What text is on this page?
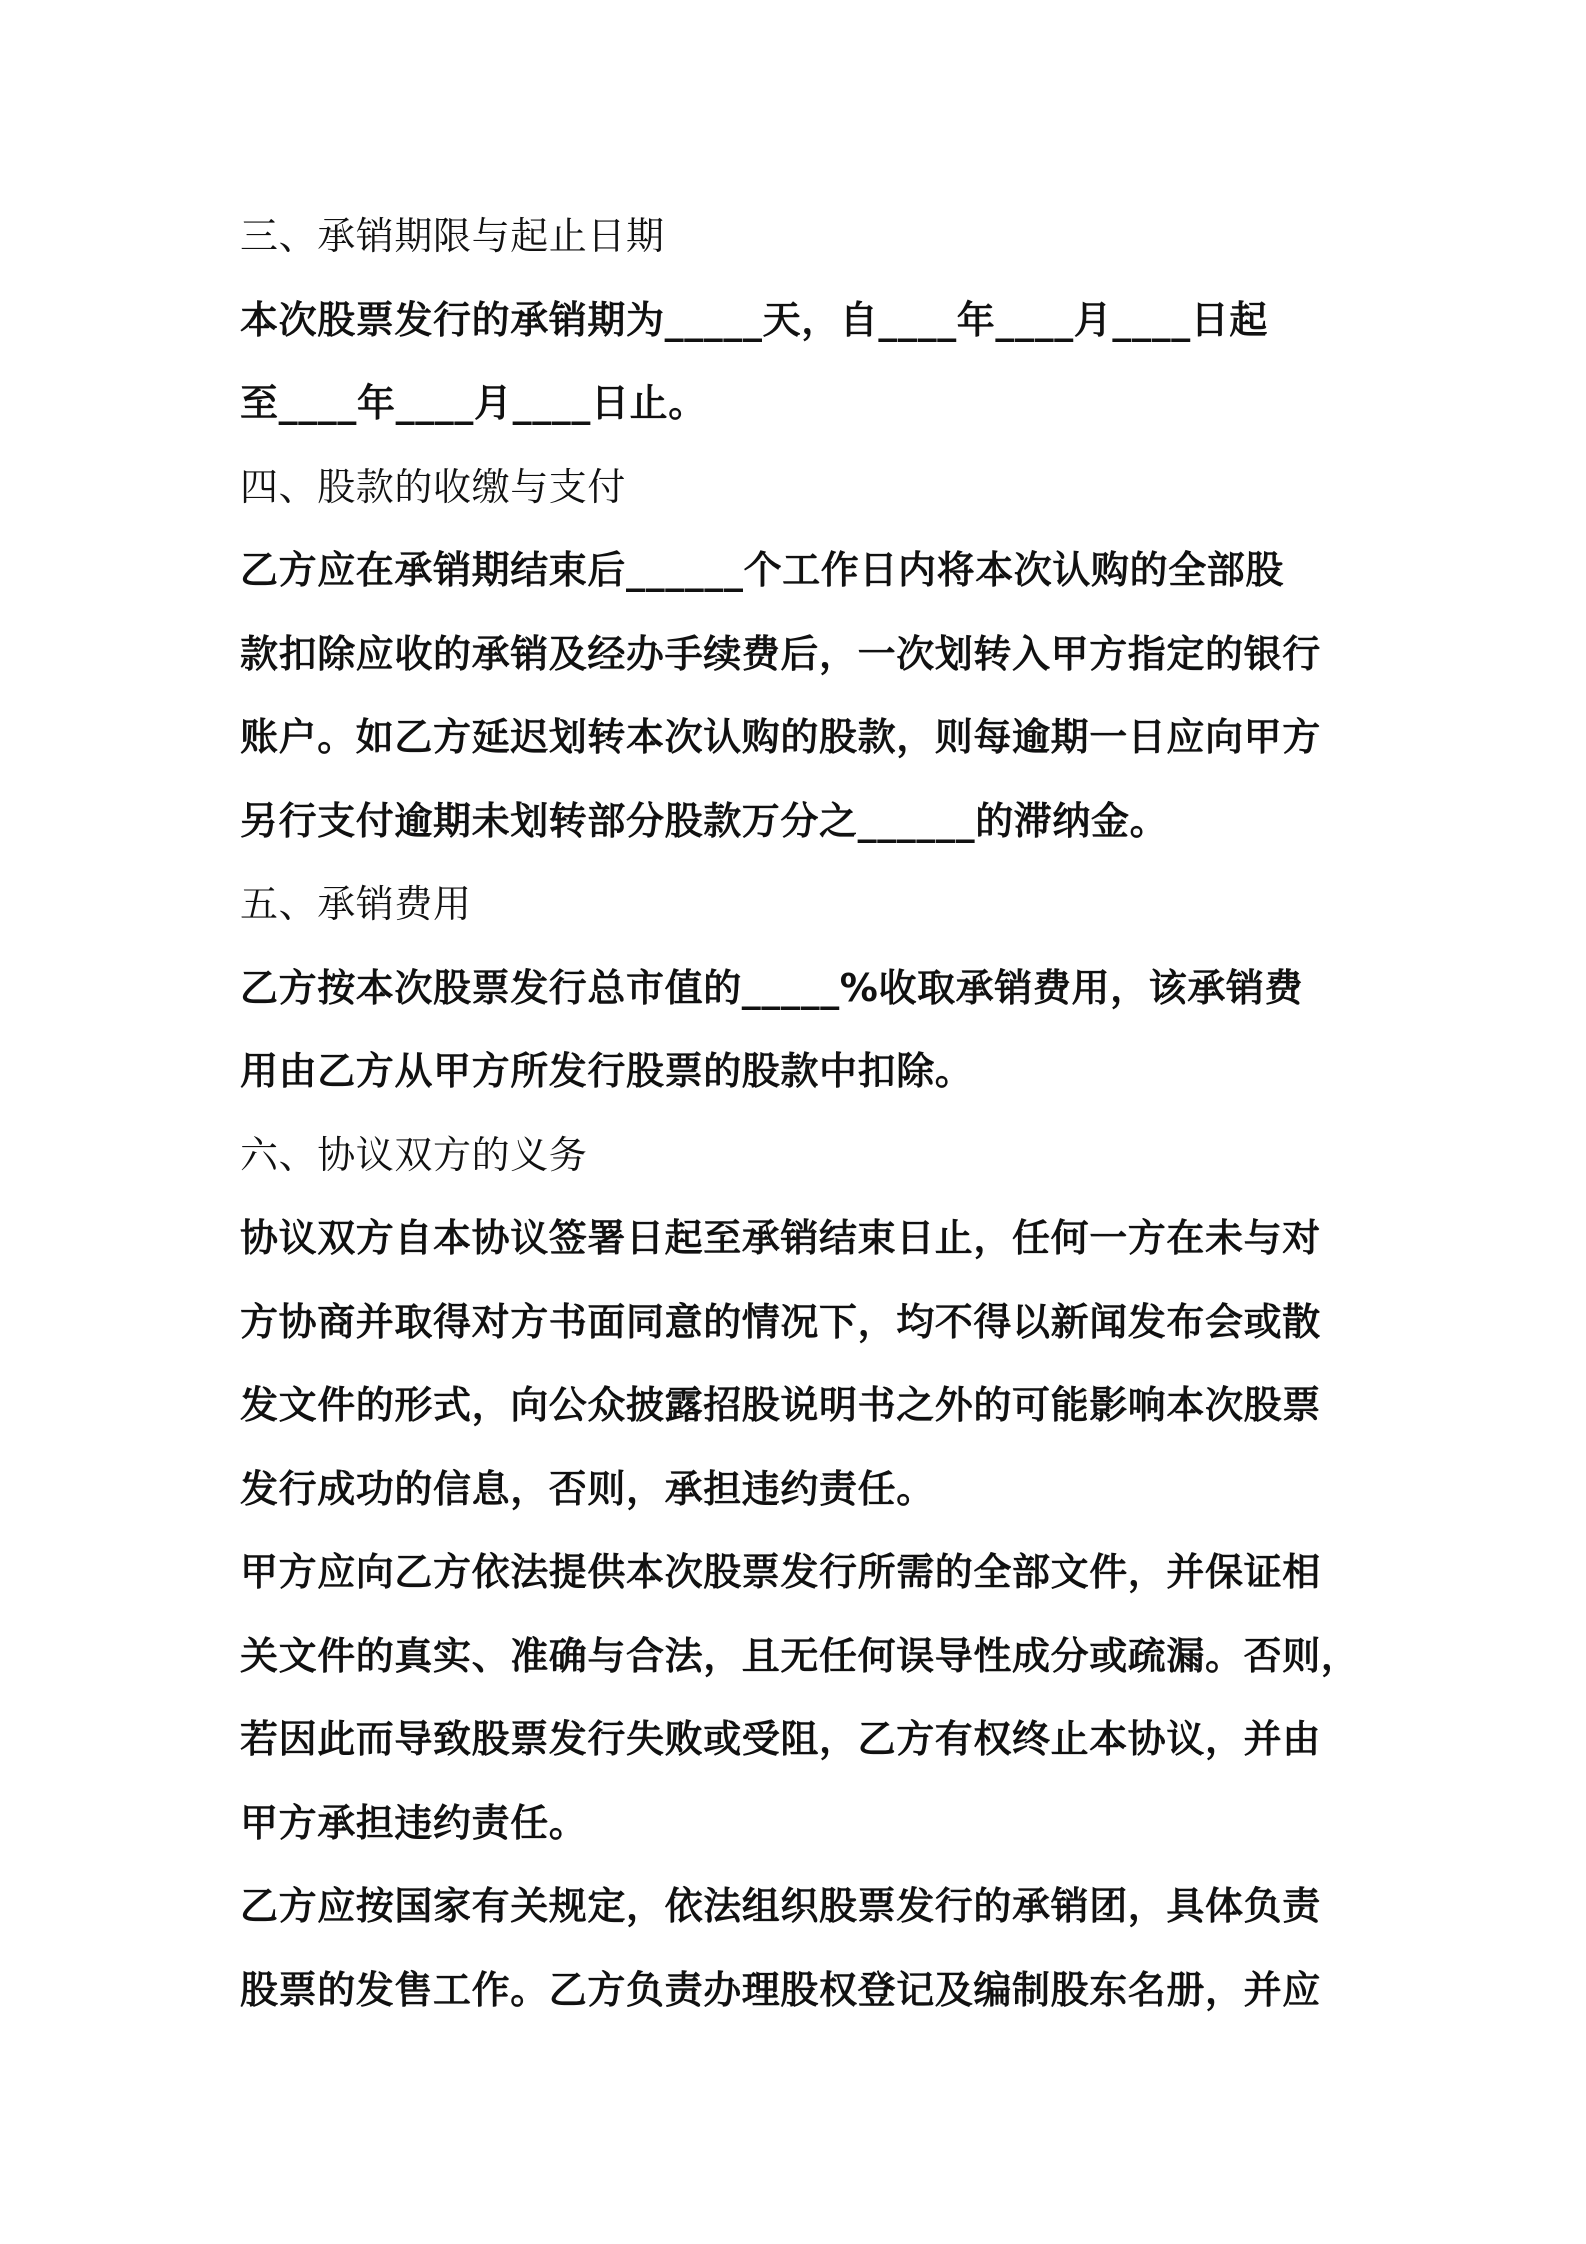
三、承销期限与起止日期
本次股票发行的承销期为_____天，自____年____月____日起
至____年____月____日止。
四、股款的收缴与支付
乙方应在承销期结束后______个工作日内将本次认购的全部股
款扣除应收的承销及经办手续费后，一次划转入甲方指定的银行
账户。如乙方延迟划转本次认购的股款，则每逾期一日应向甲方
另行支付逾期未划转部分股款万分之______的滞纳金。
五、承销费用
乙方按本次股票发行总市值的_____%收取承销费用，该承销费
用由乙方从甲方所发行股票的股款中扣除。
六、协议双方的义务
协议双方自本协议签署日起至承销结束日止，任何一方在未与对
方协商并取得对方书面同意的情况下，均不得以新闻发布会或散
发文件的形式，向公众披露招股说明书之外的可能影响本次股票
发行成功的信息，否则，承担违约责任。
甲方应向乙方依法提供本次股票发行所需的全部文件，并保证相
关文件的真实、准确与合法，且无任何误导性成分或疏漏。否则，
若因此而导致股票发行失败或受阻，乙方有权终止本协议，并由
甲方承担违约责任。
乙方应按国家有关规定，依法组织股票发行的承销团，具体负责
股票的发售工作。乙方负责办理股权登记及编制股东名册，并应
